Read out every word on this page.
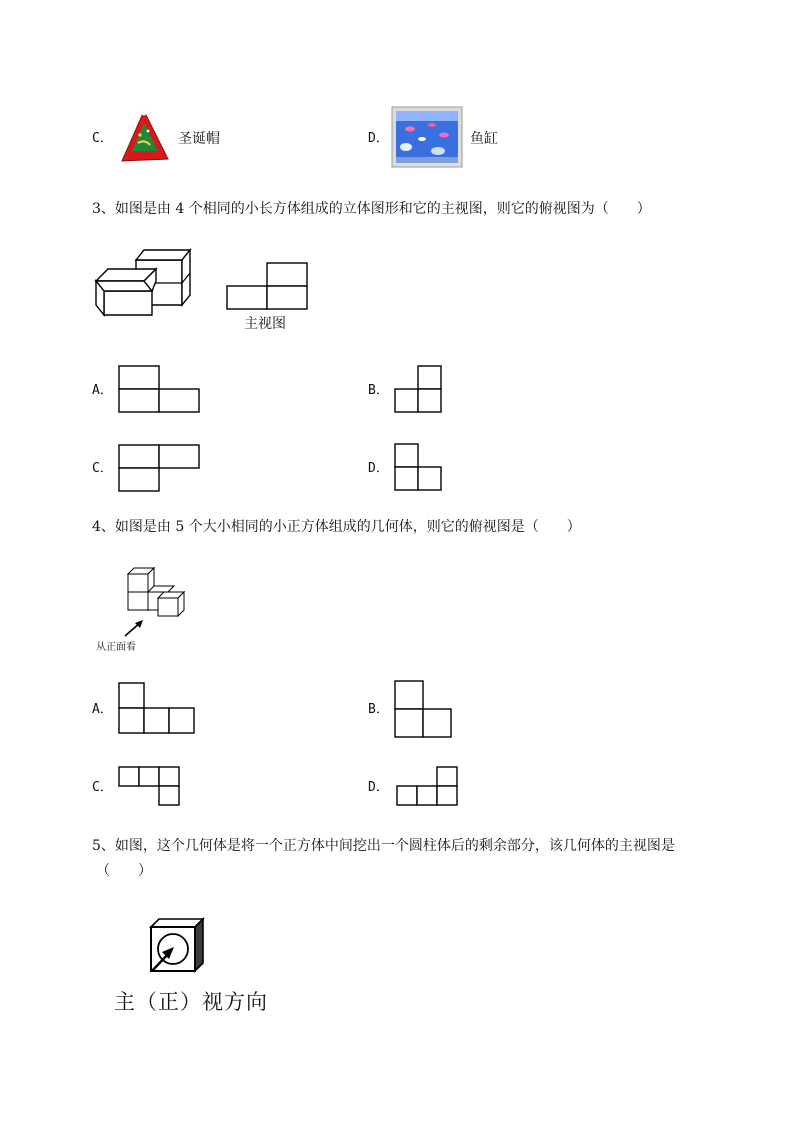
C．	圣诞帽	D．	鱼缸
3、如图是由 4 个相同的小长方体组成的立体图形和它的主视图，则它的俯视图为（　　）
主视图
A．	B．
C．	D．
4、如图是由 5 个大小相同的小正方体组成的几何体，则它的俯视图是（　　）
从正面看
A．	B．
C．	D．
5、如图，这个几何体是将一个正方体中间挖出一个圆柱体后的剩余部分，该几何体的主视图是
（　　）
主（正）视方向
